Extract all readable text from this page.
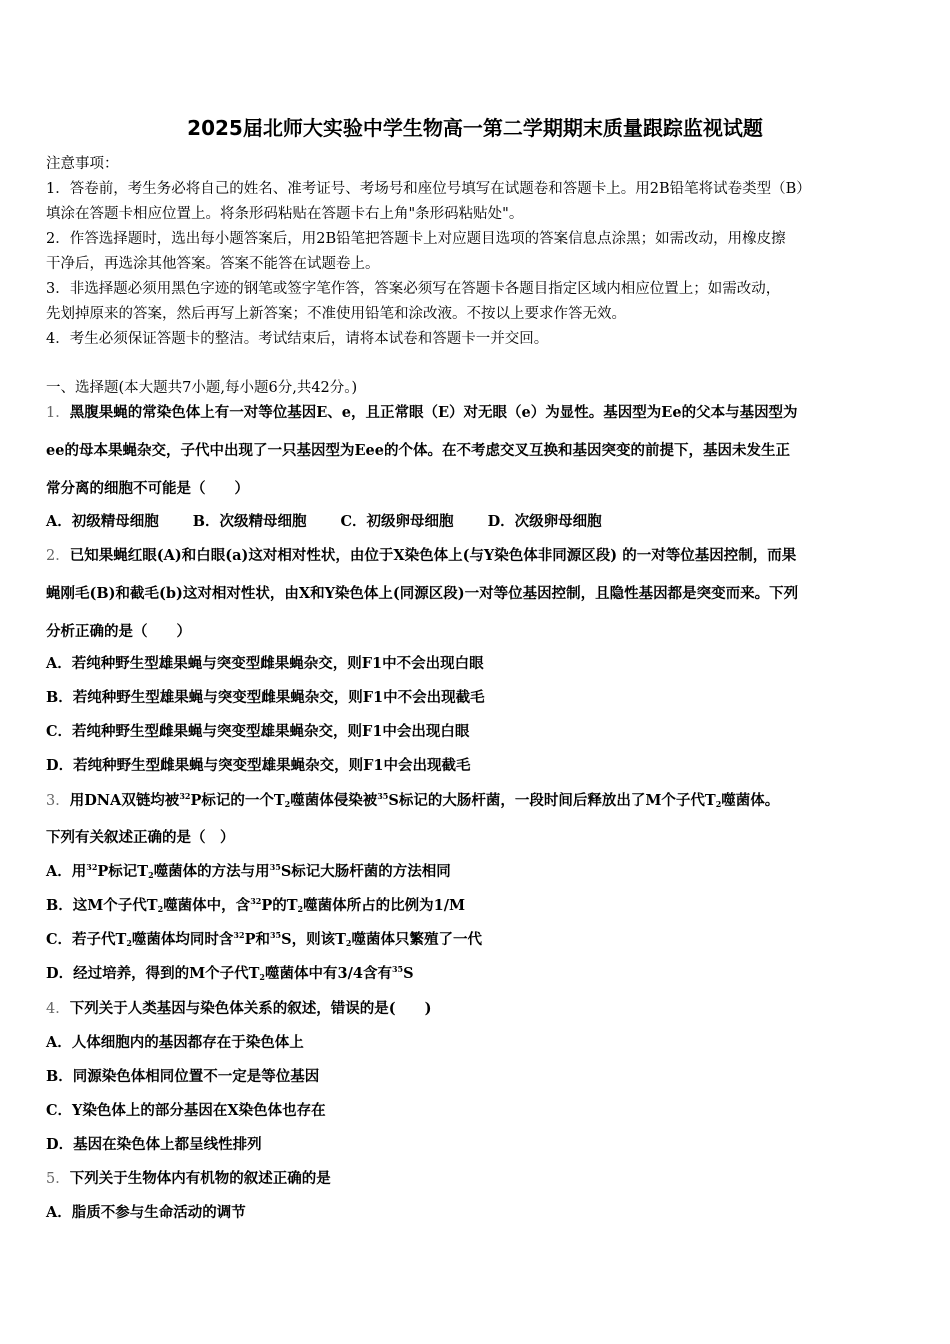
2025届北师大实验中学生物高一第二学期期末质量跟踪监视试题
注意事项：
1．答卷前，考生务必将自己的姓名、准考证号、考场号和座位号填写在试题卷和答题卡上。用2B铅笔将试卷类型（B）
填涂在答题卡相应位置上。将条形码粘贴在答题卡右上角"条形码粘贴处"。
2．作答选择题时，选出每小题答案后，用2B铅笔把答题卡上对应题目选项的答案信息点涂黑；如需改动，用橡皮擦
干净后，再选涂其他答案。答案不能答在试题卷上。
3．非选择题必须用黑色字迹的钢笔或签字笔作答，答案必须写在答题卡各题目指定区域内相应位置上；如需改动，
先划掉原来的答案，然后再写上新答案；不准使用铅笔和涂改液。不按以上要求作答无效。
4．考生必须保证答题卡的整洁。考试结束后，请将本试卷和答题卡一并交回。
一、选择题(本大题共7小题,每小题6分,共42分。)
1．黑腹果蝇的常染色体上有一对等位基因E、e，且正常眼（E）对无眼（e）为显性。基因型为Ee的父本与基因型为
ee的母本果蝇杂交，子代中出现了一只基因型为Eee的个体。在不考虑交叉互换和基因突变的前提下，基因未发生正
常分离的细胞不可能是（　　）
A．初级精母细胞 B．次级精母细胞 C．初级卵母细胞 D．次级卵母细胞
2．已知果蝇红眼(A)和白眼(a)这对相对性状，由位于X染色体上(与Y染色体非同源区段) 的一对等位基因控制，而果
蝇刚毛(B)和截毛(b)这对相对性状，由X和Y染色体上(同源区段)一对等位基因控制，且隐性基因都是突变而来。下列
分析正确的是（　　）
A．若纯种野生型雄果蝇与突变型雌果蝇杂交，则F1中不会出现白眼
B．若纯种野生型雄果蝇与突变型雌果蝇杂交，则F1中不会出现截毛
C．若纯种野生型雌果蝇与突变型雄果蝇杂交，则F1中会出现白眼
D．若纯种野生型雌果蝇与突变型雄果蝇杂交，则F1中会出现截毛
3．用DNA双链均被$^{32}$P标记的一个$T_2$噬菌体侵染被$^{35}$S标记的大肠杆菌，一段时间后释放出了M个子代$T_2$噬菌体。
下列有关叙述正确的是（　）
A．用$^{32}$P标记$T_2$噬菌体的方法与用$^{35}$S标记大肠杆菌的方法相同
B．这M个子代$T_2$噬菌体中，含$^{32}$P的$T_2$噬菌体所占的比例为1/M
C．若子代$T_2$噬菌体均同时含$^{32}$P和$^{35}$S，则该$T_2$噬菌体只繁殖了一代
D．经过培养，得到的M个子代$T_2$噬菌体中有3/4含有$^{35}$S
4．下列关于人类基因与染色体关系的叙述，错误的是(　　)
A．人体细胞内的基因都存在于染色体上
B．同源染色体相同位置不一定是等位基因
C．Y染色体上的部分基因在X染色体也存在
D．基因在染色体上都呈线性排列
5．下列关于生物体内有机物的叙述正确的是
A．脂质不参与生命活动的调节
